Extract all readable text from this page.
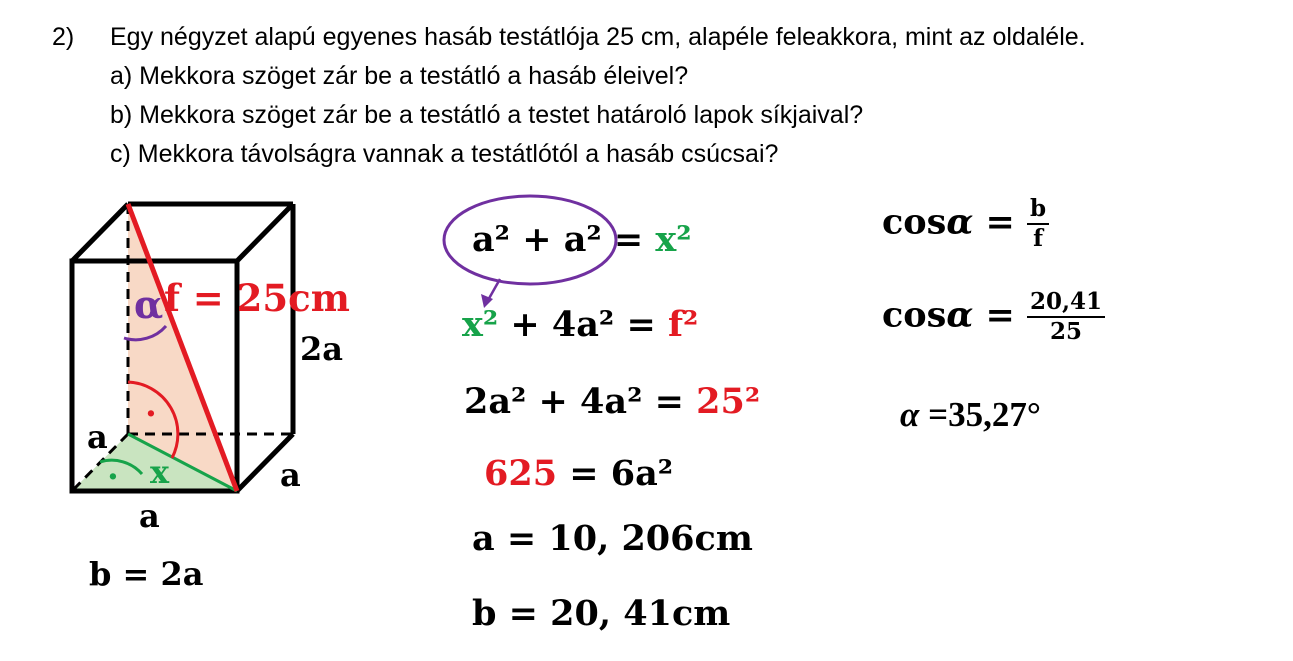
2) Egy négyzet alapú egyenes hasáb testátlója 25 cm, alapéle feleakkora, mint az oldaléle.
a) Mekkora szöget zár be a testátló a hasáb éleivel?
b) Mekkora szöget zár be a testátló a testet határoló lapok síkjaival?
c) Mekkora távolságra vannak a testátlótól a hasáb csúcsai?
α f = 25cm
2a
·
a
· x	a
a
b = 2a
a² + a² = x²
x² + 4a² = f²
2a² + 4a² = 25²
625 = 6a²
a = 10, 206cm
b = 20, 41cm
$\cos\alpha = \frac{b}{f}$
$\cos\alpha = \frac{20,41}{25}$
α =35,27°
